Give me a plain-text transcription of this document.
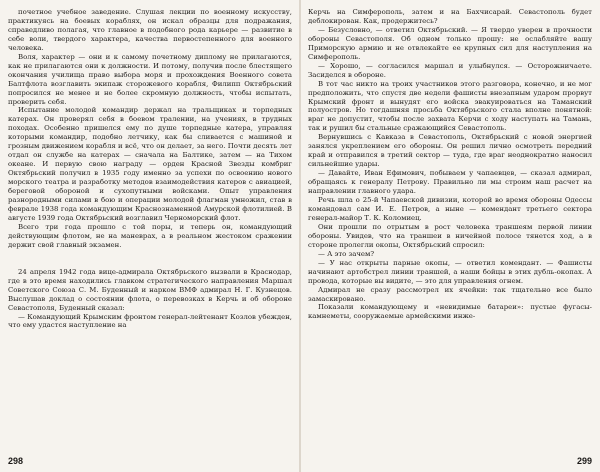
почетное учебное заведение. Слушая лекции по военному искусству, практикуясь на боевых кораблях, он искал образцы для подражания, справедливо полагая, что главное в подобного рода карьере — развитие в себе воли, твердого характера, качества первостепенного для военного человека.

Воля, характер — они и к самому почетному диплому не прилагаются, как не прилагаются они к должности. И потому, получив после блестящего окончания училища право выбора моря и прохождения Военного совета Балтфлота возглавить экипаж сторожевого корабля, Филипп Октябрьский попросился не менее и не более скромную должность, чтобы испытать, проверить себя.

Испытание молодой командир держал на тральщиках и торпедных катерах. Он проверял себя в боевом тралении, на учениях, в трудных походах. Особенно пришелся ему по душе торпедные катера, управляя которыми командир, подобно летчику, как бы сливается с машиной и грозным движением корабля и всё, что он делает, за него. Почти десять лет отдал он службе на катерах — сначала на Балтике, затем — на Тихом океане. И первую свою награду — орден Красной Звезды комбриг Октябрьский получил в 1935 году именно за успехи по освоению нового морского театра и разработку методов взаимодействия катеров с авиацией, береговой обороной и сухопутными войсками. Опыт управления разнородными силами в бою и операции молодой флагман умножил, став в феврале 1938 года командующим Краснознаменной Амурской флотилией. В августе 1939 года Октябрьский возглавил Черноморский флот.

Всего три года прошло с той поры, и теперь он, командующий действующим флотом, не на маневрах, а в реальном жестоком сражении держит свой главный экзамен.

24 апреля 1942 года вице-адмирала Октябрьского вызвали в Краснодар, где в это время находились главком стратегического направления Маршал Советского Союза С. М. Буденный и нарком ВМФ адмирал Н. Г. Кузнецов. Выслушав доклад о состоянии флота, о перевозках в Керчь и об обороне Севастополя, Буденный сказал:

— Командующий Крымским фронтом генерал-лейтенант Козлов убежден, что ему удастся наступление на

298

Керчь на Симферополь, затем и на Бахчисарай. Севастополь будет деблокирован. Как, продержитесь?

— Безусловно, — ответил Октябрьский. — Я твердо уверен в прочности обороны Севастополя. Об одном только прошу: не ослабляйте вашу Приморскую армию и не отвлекайте ее крупных сил для наступления на Симферополь.

— Хорошо, — согласился маршал и улыбнулся. — Осторожничаете. Засиделся в обороне.

В тот час никто на троих участников этого разговора, конечно, и не мог предположить, что спустя две недели фашисты внезапным ударом прорвут Крымский фронт и вынудят его войска эвакуироваться на Таманский полуостров. Но тогдашняя просьба Октябрьского стала вполне понятной: враг не допустит, чтобы после захвата Керчи с ходу наступать на Тамань, так и рушил бы стальные сражающийся Севастополь.

Вернувшись с Кавказа в Севастополь, Октябрьский с новой энергией занялся укреплением его обороны. Он решил лично осмотреть передний край и отправился в третий сектор — туда, где враг неоднократно наносил сильнейшие удары.

— Давайте, Иван Ефимович, побываем у чапаевцев, — сказал адмирал, обращаясь к генералу Петрову. Правильно ли мы строим наш расчет на направлении главного удара.

Речь шла о 25-й Чапаевской дивизии, которой во время обороны Одессы командовал сам И. Е. Петров, а ныне — комендант третьего сектора генерал-майор Т. К. Коломиец.

Они прошли по отрытым в рост человека траншеям первой линии обороны. Увидев, что на траншеи в ничейной полосе тянется ход, а в стороне пролегли окопы, Октябрьский спросил:

— А это зачем?

— У нас открыты парные окопы, — ответил комендант. — Фашисты начинают артобстрел линии траншей, а наши бойцы в этих дубль-окопах. А провода, которые вы видите, — это для управления огнем.

Адмирал не сразу рассмотрел их ячейки: так тщательно все было замаскировано.

Показали командующему и «невидимые батареи»: пустые фугасы-камнеметы, сооружаемые армейскими инже-

299
